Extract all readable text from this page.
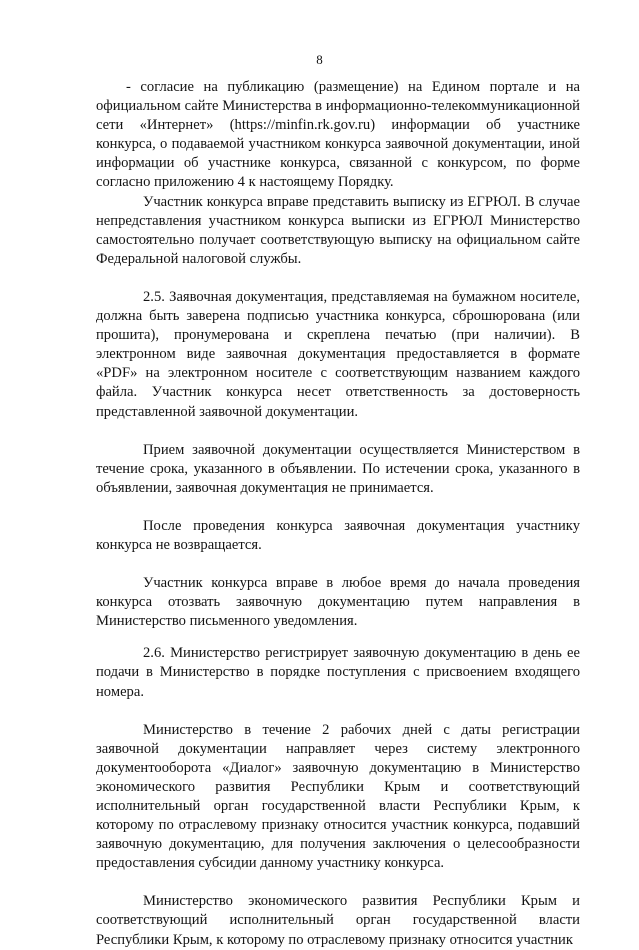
8

- согласие на публикацию (размещение) на Едином портале и на официальном сайте Министерства в информационно-телекоммуникационной сети «Интернет» (https://minfin.rk.gov.ru) информации об участнике конкурса, о подаваемой участником конкурса заявочной документации, иной информации об участнике конкурса, связанной с конкурсом, по форме согласно приложению 4 к настоящему Порядку.

Участник конкурса вправе представить выписку из ЕГРЮЛ. В случае непредставления участником конкурса выписки из ЕГРЮЛ Министерство самостоятельно получает соответствующую выписку на официальном сайте Федеральной налоговой службы.

2.5. Заявочная документация, представляемая на бумажном носителе, должна быть заверена подписью участника конкурса, сброшюрована (или прошита), пронумерована и скреплена печатью (при наличии). В электронном виде заявочная документация предоставляется в формате «PDF» на электронном носителе с соответствующим названием каждого файла. Участник конкурса несет ответственность за достоверность представленной заявочной документации.

Прием заявочной документации осуществляется Министерством в течение срока, указанного в объявлении. По истечении срока, указанного в объявлении, заявочная документация не принимается.

После проведения конкурса заявочная документация участнику конкурса не возвращается.

Участник конкурса вправе в любое время до начала проведения конкурса отозвать заявочную документацию путем направления в Министерство письменного уведомления.

2.6. Министерство регистрирует заявочную документацию в день ее подачи в Министерство в порядке поступления с присвоением входящего номера.

Министерство в течение 2 рабочих дней с даты регистрации заявочной документации направляет через систему электронного документооборота «Диалог» заявочную документацию в Министерство экономического развития Республики Крым и соответствующий исполнительный орган государственной власти Республики Крым, к которому по отраслевому признаку относится участник конкурса, подавший заявочную документацию, для получения заключения о целесообразности предоставления субсидии данному участнику конкурса.

Министерство экономического развития Республики Крым и соответствующий исполнительный орган государственной власти Республики Крым, к которому по отраслевому признаку относится участник
